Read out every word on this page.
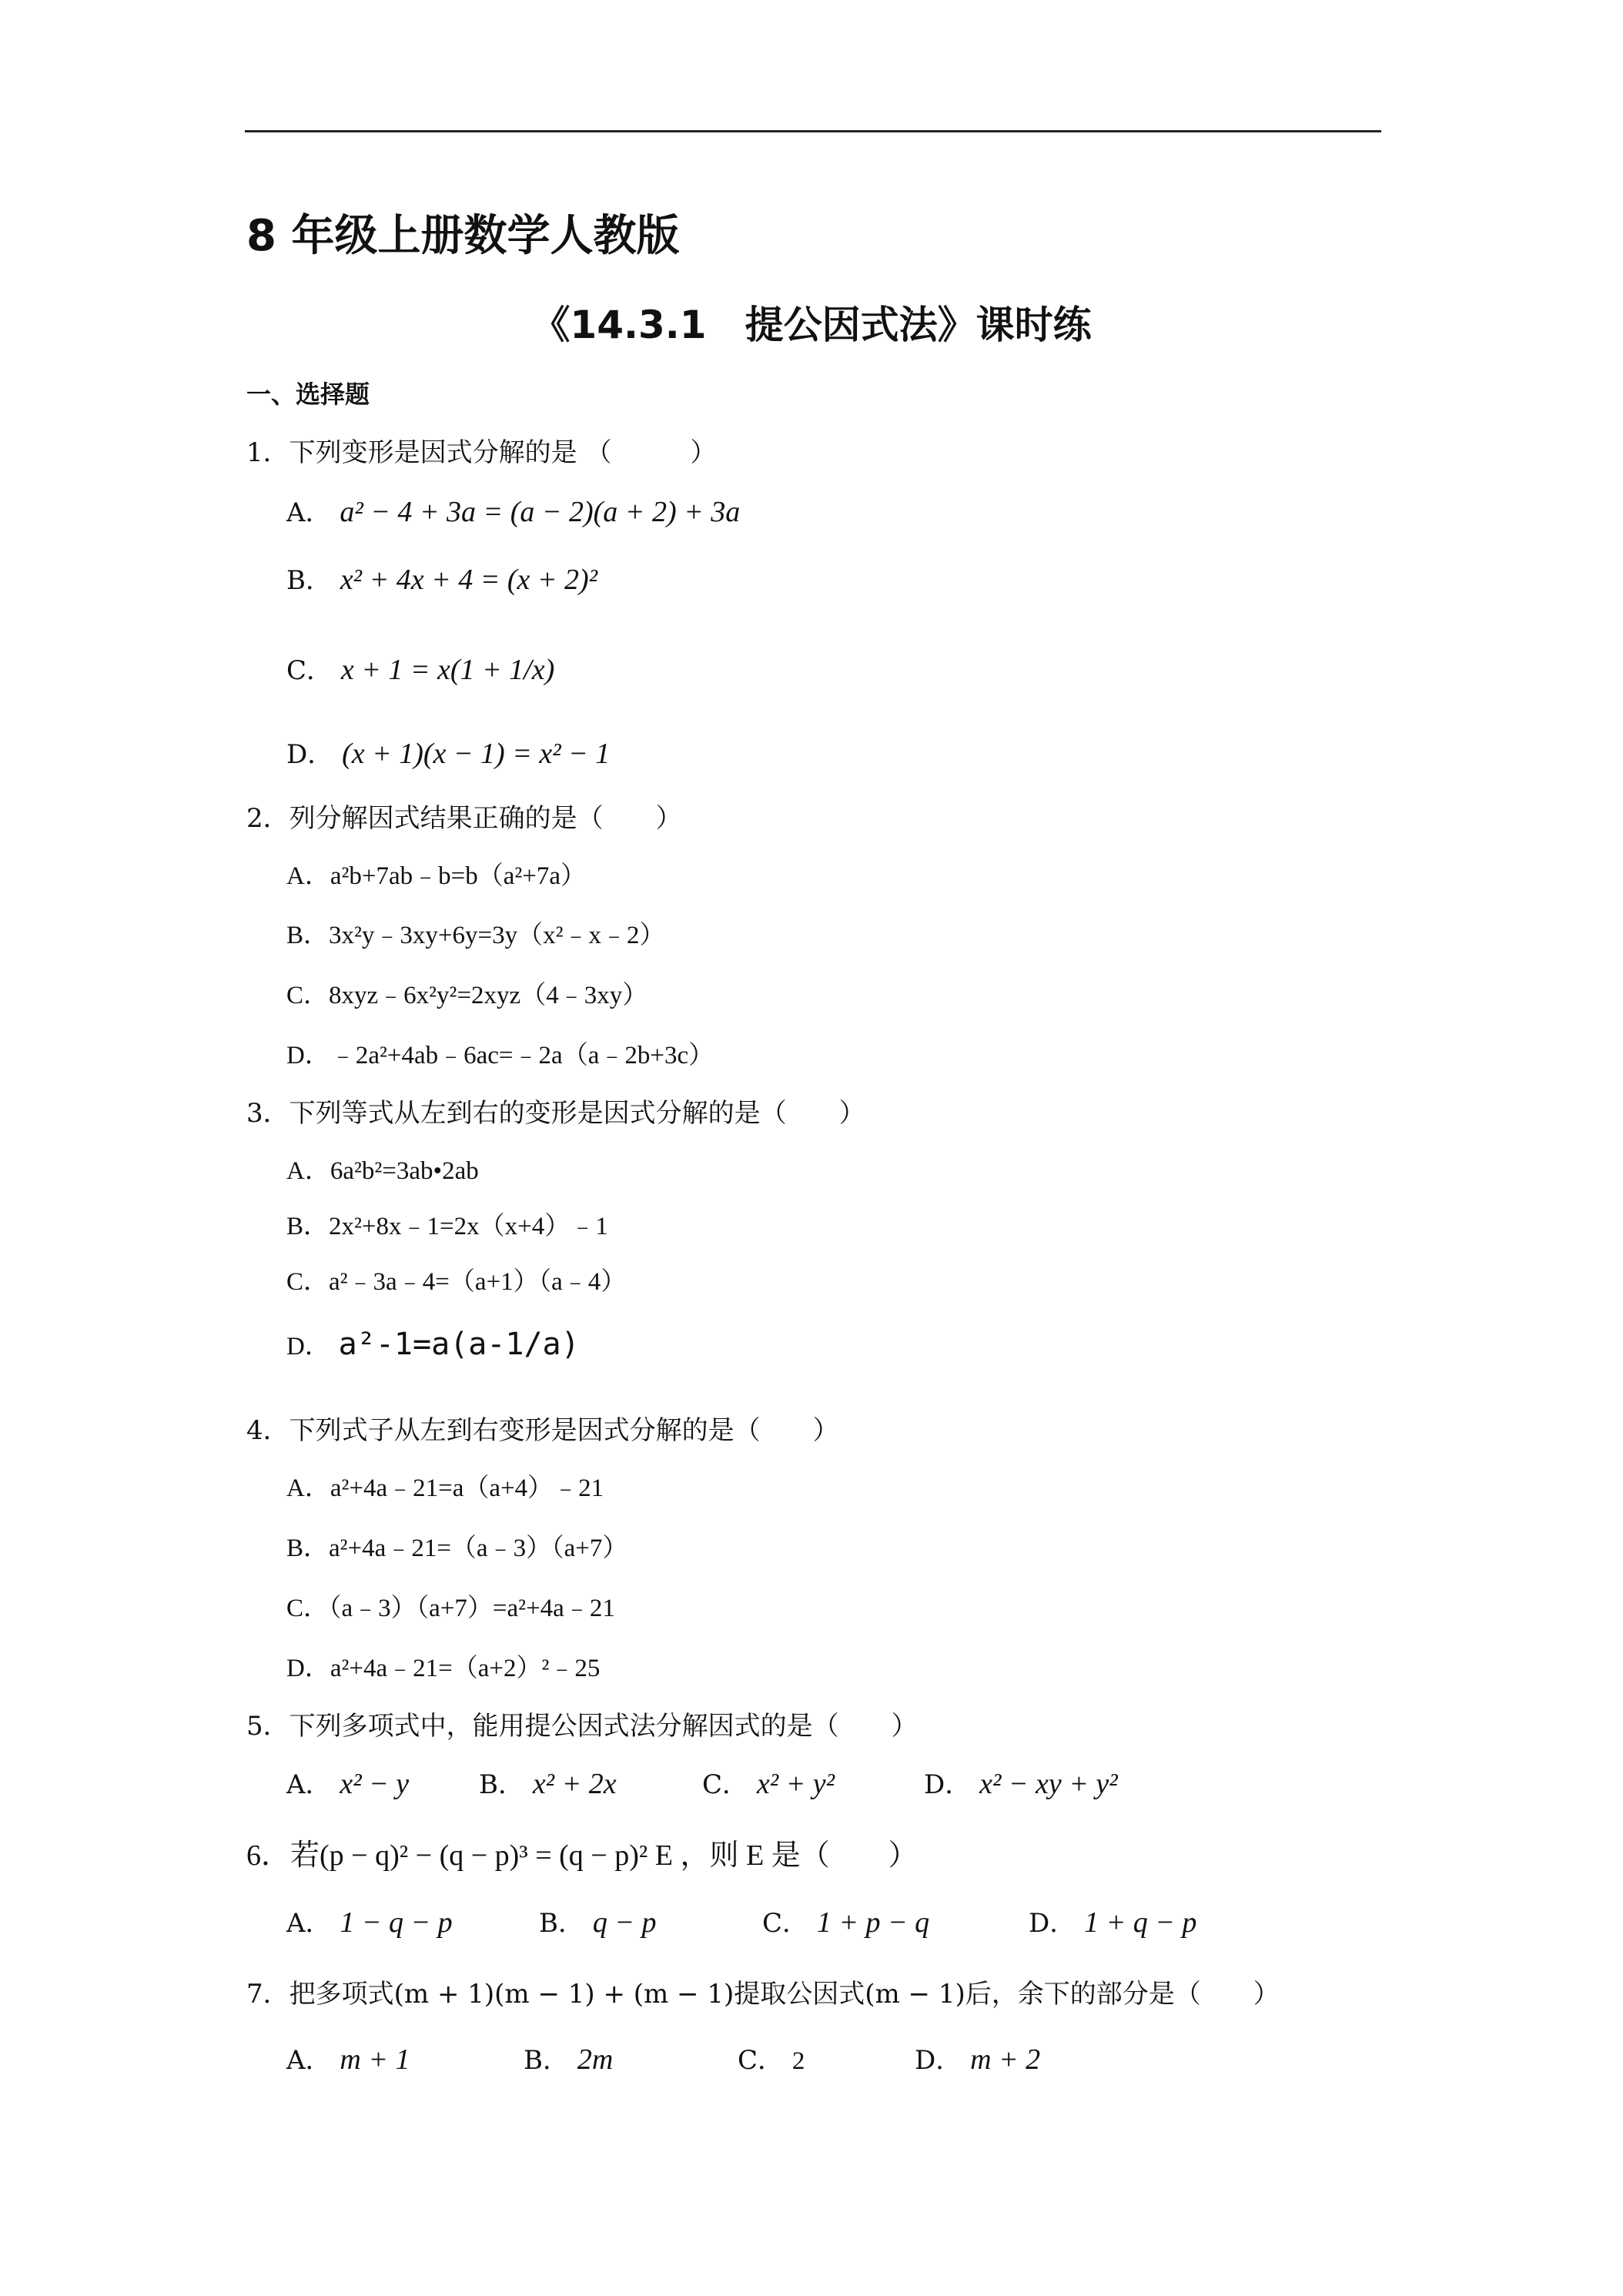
8 年级上册数学人教版
《14.3.1　提公因式法》课时练
一、选择题
1．下列变形是因式分解的是 （　　　）
A． a² − 4 + 3a = (a − 2)(a + 2) + 3a
B． x² + 4x + 4 = (x + 2)²
C． x + 1 = x(1 + 1/x)
D． (x + 1)(x − 1) = x² − 1
2．列分解因式结果正确的是（　　）
A．a²b+7ab﹣b=b（a²+7a）
B．3x²y﹣3xy+6y=3y（x²﹣x﹣2）
C．8xyz﹣6x²y²=2xyz（4﹣3xy）
D．﹣2a²+4ab﹣6ac=﹣2a（a﹣2b+3c）
3．下列等式从左到右的变形是因式分解的是（　　）
A．6a²b²=3ab•2ab
B．2x²+8x﹣1=2x（x+4）﹣1
C．a²﹣3a﹣4=（a+1）（a﹣4）
D． a²-1=a(a-1/a)
4．下列式子从左到右变形是因式分解的是（　　）
A．a²+4a﹣21=a（a+4）﹣21
B．a²+4a﹣21=（a﹣3）（a+7）
C．（a﹣3）（a+7）=a²+4a﹣21
D．a²+4a﹣21=（a+2）²﹣25
5．下列多项式中，能用提公因式法分解因式的是（　　）
A． x² − y	B． x² + 2x	C． x² + y²	D． x² − xy + y²
6．若(p − q)² − (q − p)³ = (q − p)² E ，则 E 是（　　）
A． 1 − q − p	B． q − p	C． 1 + p − q	D． 1 + q − p
7．把多项式(m + 1)(m − 1) + (m − 1)提取公因式(m − 1)后，余下的部分是（　　）
A． m + 1	B． 2m	C． 2	D． m + 2
